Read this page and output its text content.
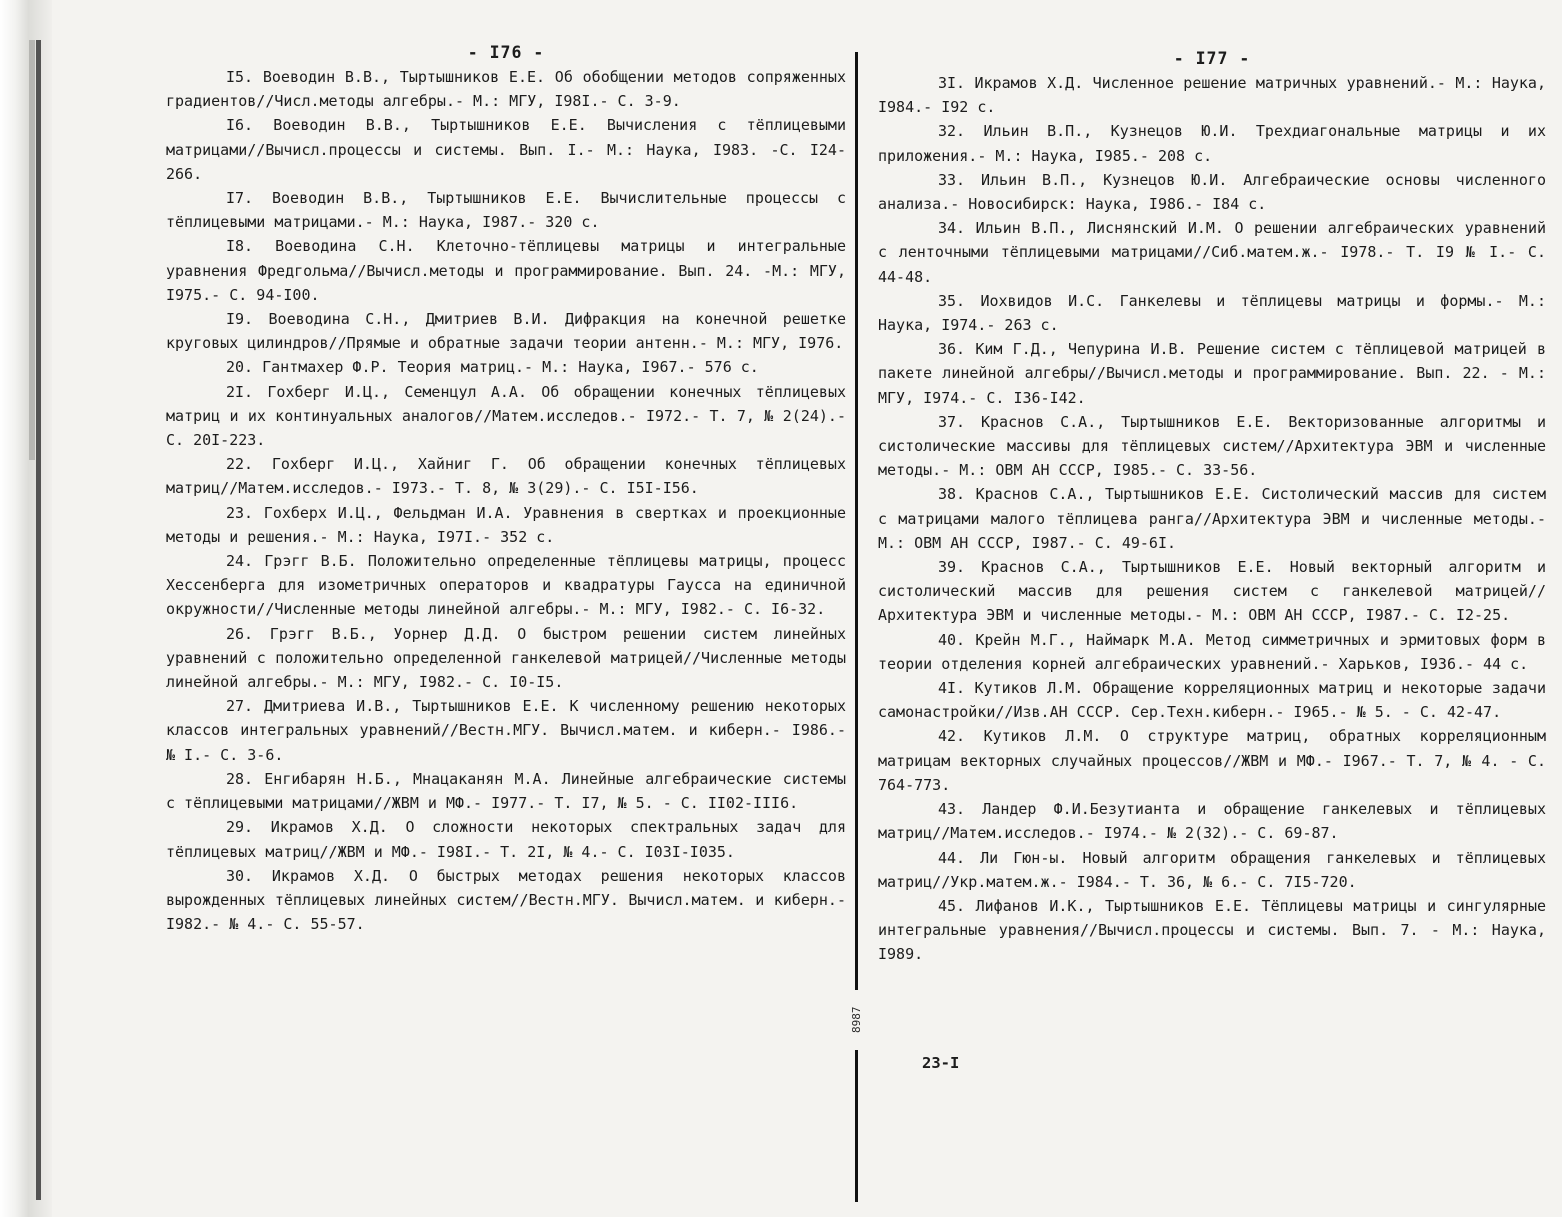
- I76 -

I5. Воеводин В.В., Тыртышников Е.Е. Об обобщении методов сопряженных градиентов//Числ.методы алгебры.- М.: МГУ, I98I.- С. 3-9.

I6. Воеводин В.В., Тыртышников Е.Е. Вычисления с тёплицевыми матрицами//Вычисл.процессы и системы. Вып. I.- М.: Наука, I983. -С. I24-266.

I7. Воеводин В.В., Тыртышников Е.Е. Вычислительные процессы с тёплицевыми матрицами.- М.: Наука, I987.- 320 с.

I8. Воеводина С.Н. Клеточно-тёплицевы матрицы и интегральные уравнения Фредгольма//Вычисл.методы и программирование. Вып. 24. -М.: МГУ, I975.- С. 94-I00.

I9. Воеводина С.Н., Дмитриев В.И. Дифракция на конечной решетке круговых цилиндров//Прямые и обратные задачи теории антенн.- М.: МГУ, I976.

20. Гантмахер Ф.Р. Теория матриц.- М.: Наука, I967.- 576 с.

2I. Гохберг И.Ц., Семенцул А.А. Об обращении конечных тёплицевых матриц и их континуальных аналогов//Матем.исследов.- I972.- Т. 7, № 2(24).- С. 20I-223.

22. Гохберг И.Ц., Хайниг Г. Об обращении конечных тёплицевых матриц//Матем.исследов.- I973.- Т. 8, № 3(29).- С. I5I-I56.

23. Гохберх И.Ц., Фельдман И.А. Уравнения в свертках и проекционные методы и решения.- М.: Наука, I97I.- 352 с.

24. Грэгг В.Б. Положительно определенные тёплицевы матрицы, процесс Хессенберга для изометричных операторов и квадратуры Гаусса на единичной окружности//Численные методы линейной алгебры.- М.: МГУ, I982.- С. I6-32.

26. Грэгг В.Б., Уорнер Д.Д. О быстром решении систем линейных уравнений с положительно определенной ганкелевой матрицей//Численные методы линейной алгебры.- М.: МГУ, I982.- С. I0-I5.

27. Дмитриева И.В., Тыртышников Е.Е. К численному решению некоторых классов интегральных уравнений//Вестн.МГУ. Вычисл.матем. и киберн.- I986.- № I.- С. 3-6.

28. Енгибарян Н.Б., Мнацаканян М.А. Линейные алгебраические системы с тёплицевыми матрицами//ЖВМ и МФ.- I977.- Т. I7, № 5. - С. II02-III6.

29. Икрамов Х.Д. О сложности некоторых спектральных задач для тёплицевых матриц//ЖВМ и МФ.- I98I.- Т. 2I, № 4.- С. I03I-I035.

30. Икрамов Х.Д. О быстрых методах решения некоторых классов вырожденных тёплицевых линейных систем//Вестн.МГУ. Вычисл.матем. и киберн.- I982.- № 4.- С. 55-57.

- I77 -

3I. Икрамов Х.Д. Численное решение матричных уравнений.- М.: Наука, I984.- I92 с.

32. Ильин В.П., Кузнецов Ю.И. Трехдиагональные матрицы и их приложения.- М.: Наука, I985.- 208 с.

33. Ильин В.П., Кузнецов Ю.И. Алгебраические основы численного анализа.- Новосибирск: Наука, I986.- I84 с.

34. Ильин В.П., Лиснянский И.М. О решении алгебраических уравнений с ленточными тёплицевыми матрицами//Сиб.матем.ж.- I978.- Т. I9 № I.- С. 44-48.

35. Иохвидов И.С. Ганкелевы и тёплицевы матрицы и формы.- М.: Наука, I974.- 263 с.

36. Ким Г.Д., Чепурина И.В. Решение систем с тёплицевой матрицей в пакете линейной алгебры//Вычисл.методы и программирование. Вып. 22. - М.: МГУ, I974.- С. I36-I42.

37. Краснов С.А., Тыртышников Е.Е. Векторизованные алгоритмы и систолические массивы для тёплицевых систем//Архитектура ЭВМ и численные методы.- М.: ОВМ АН СССР, I985.- С. 33-56.

38. Краснов С.А., Тыртышников Е.Е. Систолический массив для систем с матрицами малого тёплицева ранга//Архитектура ЭВМ и численные методы.- М.: ОВМ АН СССР, I987.- С. 49-6I.

39. Краснов С.А., Тыртышников Е.Е. Новый векторный алгоритм и систолический массив для решения систем с ганкелевой матрицей//Архитектура ЭВМ и численные методы.- М.: ОВМ АН СССР, I987.- С. I2-25.

40. Крейн М.Г., Наймарк М.А. Метод симметричных и эрмитовых форм в теории отделения корней алгебраических уравнений.- Харьков, I936.- 44 с.

4I. Кутиков Л.М. Обращение корреляционных матриц и некоторые задачи самонастройки//Изв.АН СССР. Сер.Техн.киберн.- I965.- № 5. - С. 42-47.

42. Кутиков Л.М. О структуре матриц, обратных корреляционным матрицам векторных случайных процессов//ЖВМ и МФ.- I967.- Т. 7, № 4. - С. 764-773.

43. Ландер Ф.И.Безутианта и обращение ганкелевых и тёплицевых матриц//Матем.исследов.- I974.- № 2(32).- С. 69-87.

44. Ли Гюн-ы. Новый алгоритм обращения ганкелевых и тёплицевых матриц//Укр.матем.ж.- I984.- Т. 36, № 6.- С. 7I5-720.

45. Лифанов И.К., Тыртышников Е.Е. Тёплицевы матрицы и сингулярные интегральные уравнения//Вычисл.процессы и системы. Вып. 7. - М.: Наука, I989.

8987
23-I
